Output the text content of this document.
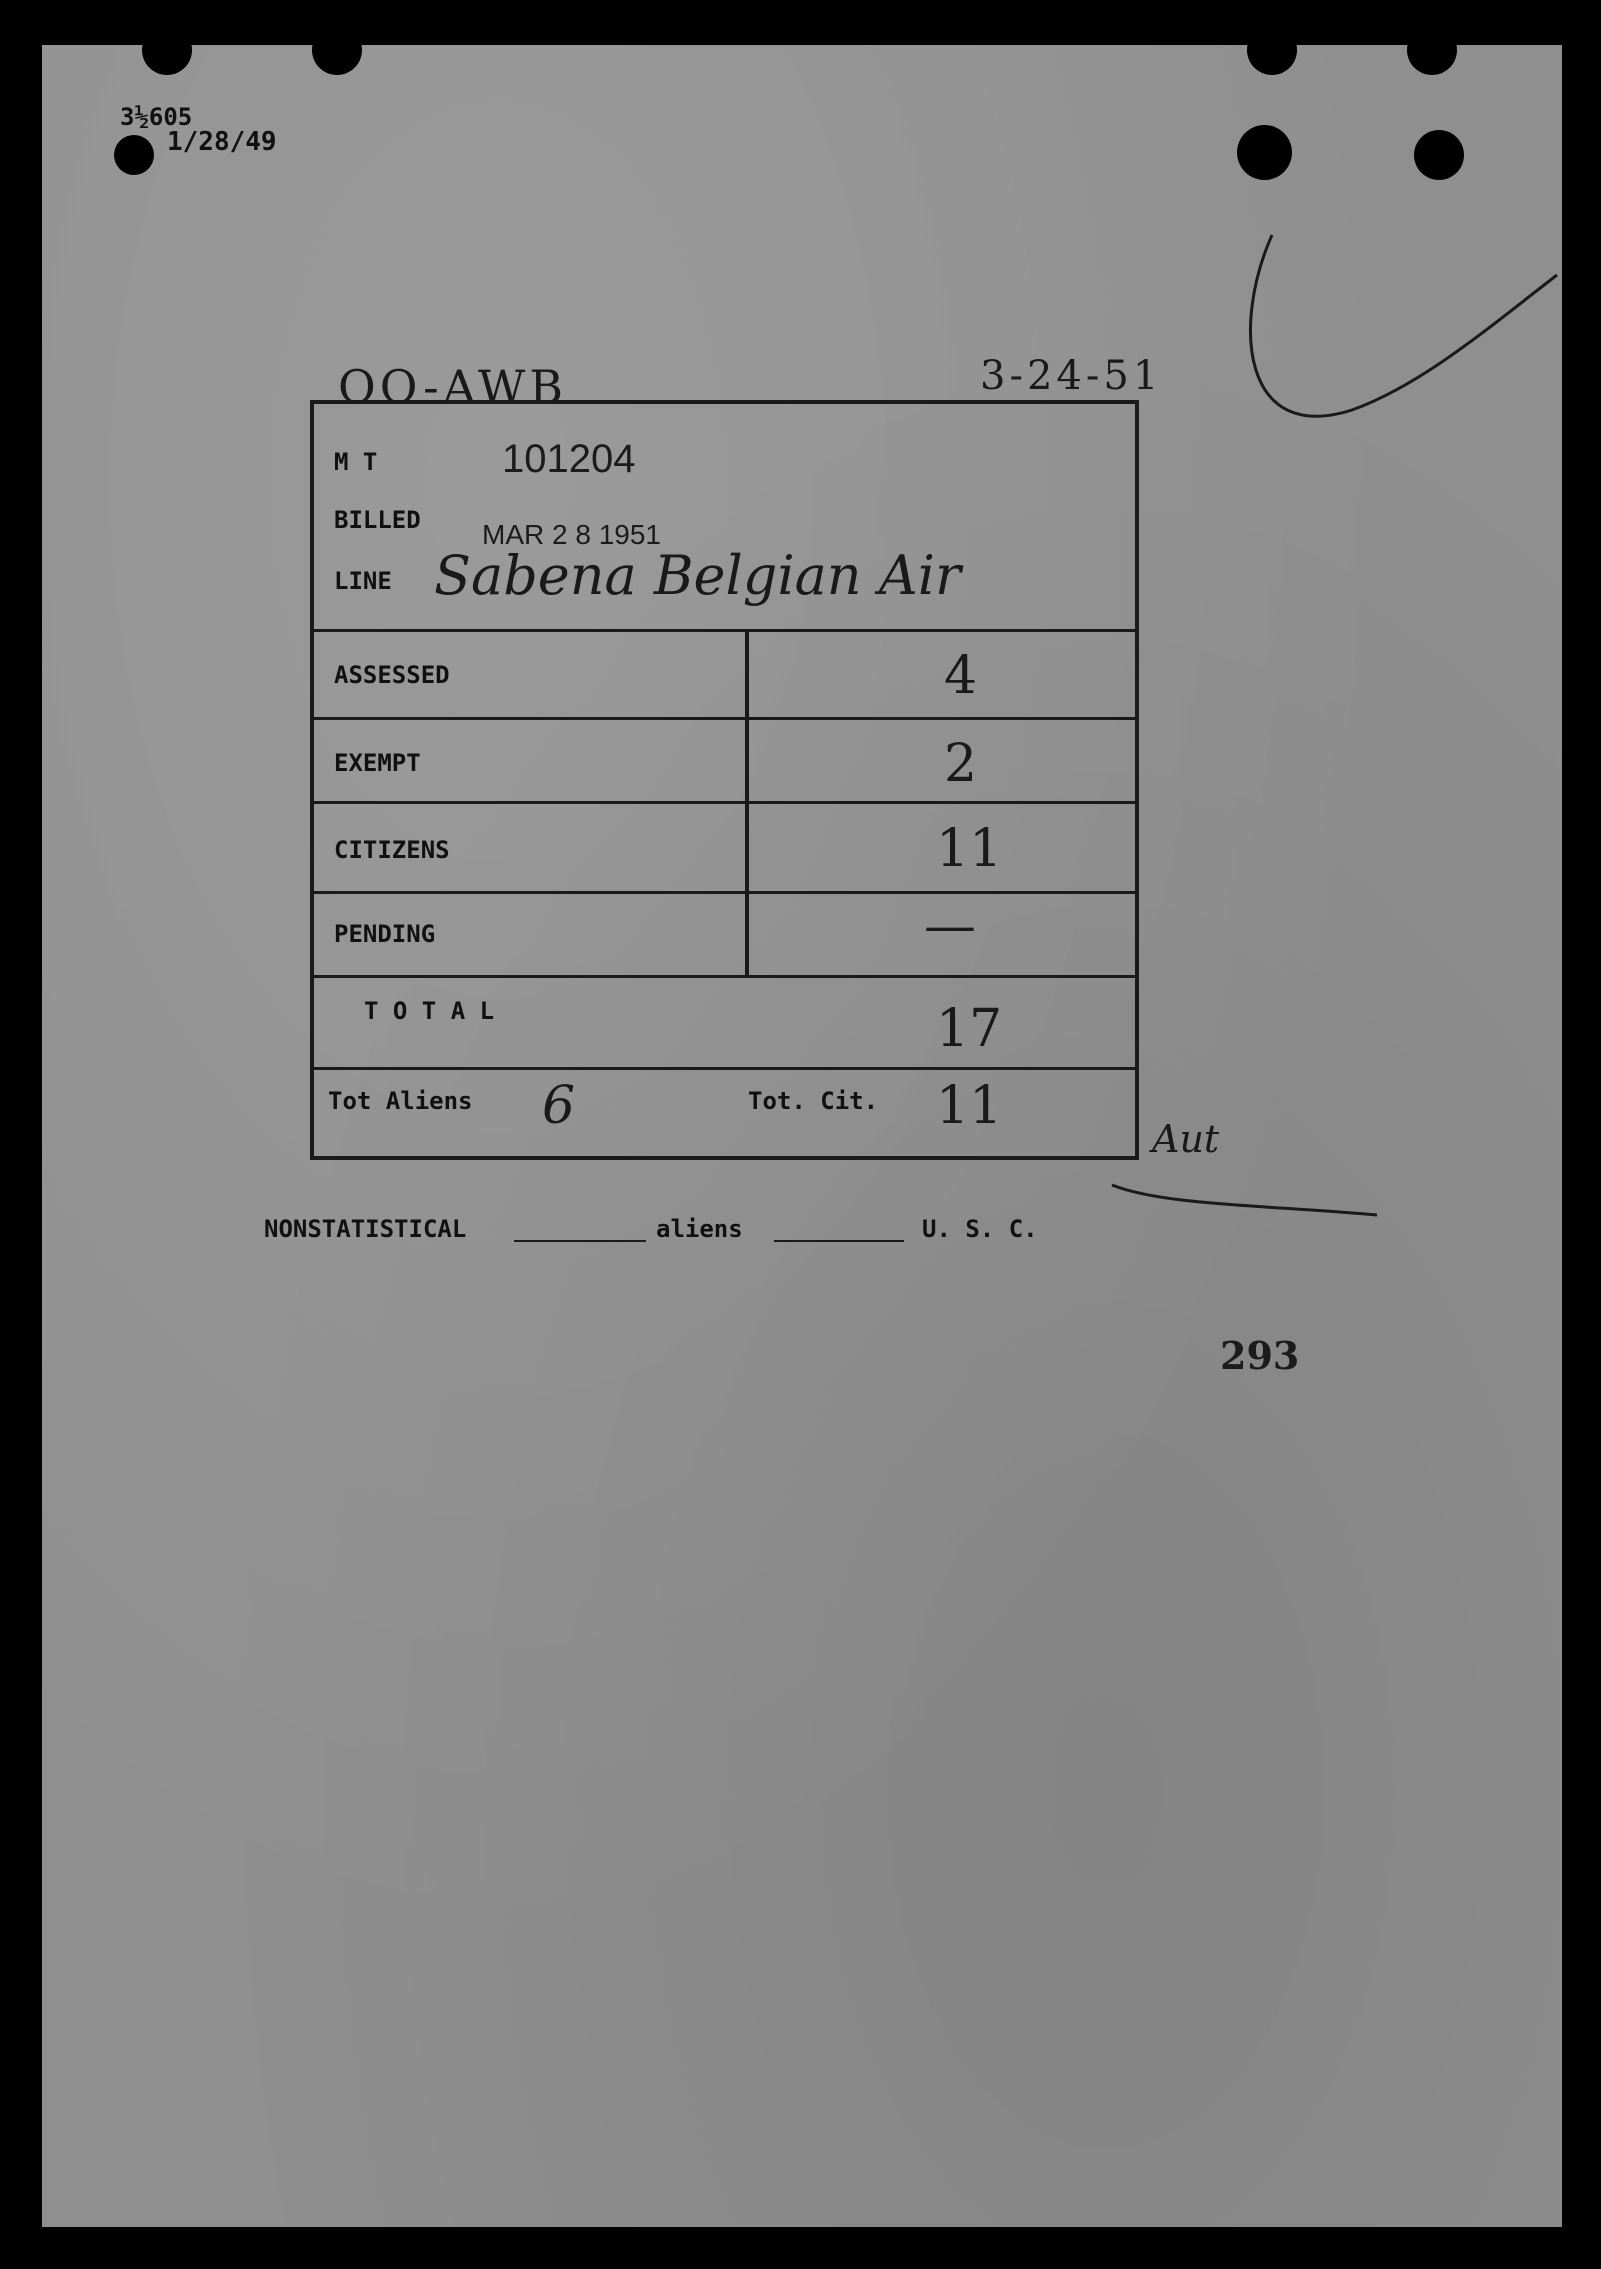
3½605
1/28/49
OO-AWB	3-24-51
M T	101204
BILLED MAR 2 8 1951
LINE Sabena Belgian Air
ASSESSED	4
EXEMPT	2
CITIZENS	11
PENDING	—
T O T A L	17
Tot Aliens 6	Tot. Cit. 11
Aut
NONSTATISTICAL	aliens	U. S. C.
293
